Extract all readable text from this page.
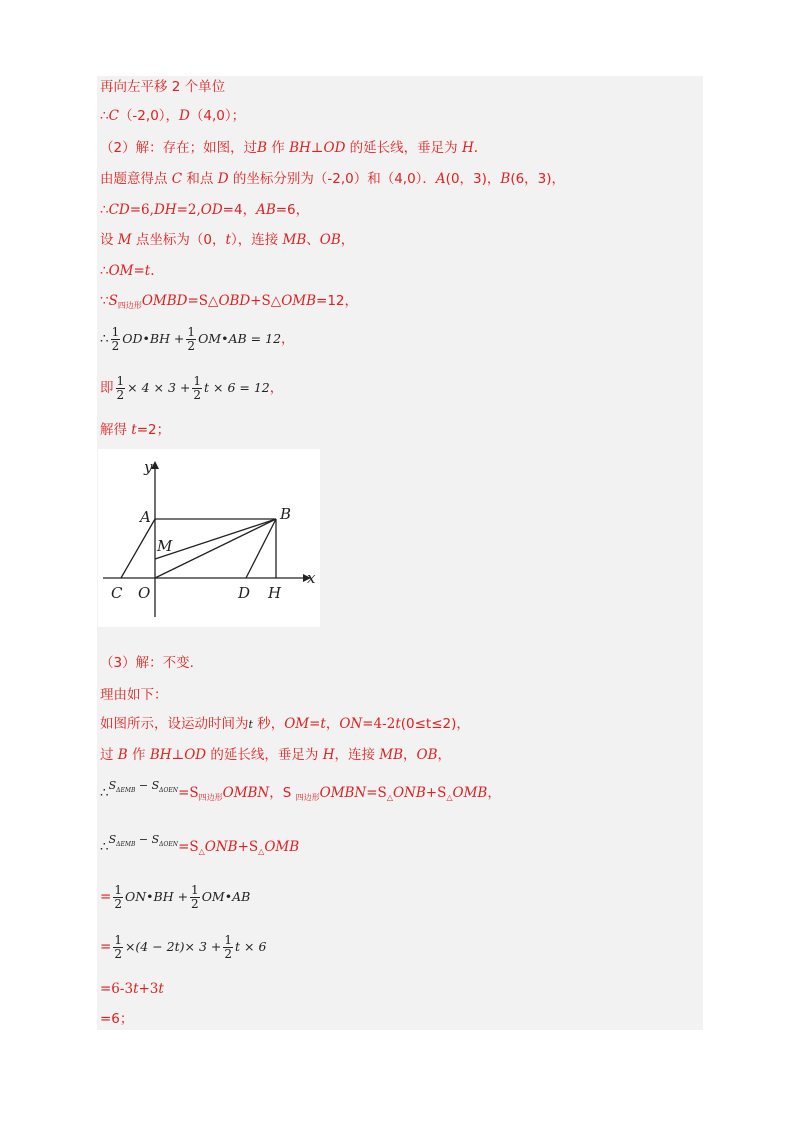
再向左平移 2 个单位
∴C（-2,0），D（4,0）；
（2）解：存在；如图，过B 作 BH⊥OD 的延长线，垂足为 H.
由题意得点 C 和点 D 的坐标分别为（-2,0）和（4,0）．A(0，3)，B(6，3)，
∴CD=6,DH=2,OD=4，AB=6，
设 M 点坐标为（0，t），连接 MB、OB，
∴OM=t.
$\because S_{四边形}OMBD=S\triangle OBD+S\triangle OMB=12$，
∴ $\frac{1}{2}$ OD•BH + $\frac{1}{2}$ OM•AB = 12，
即 $\frac{1}{2} \times 4 \times 3 + \frac{1}{2}$ t × 6 = 12，
解得 t=2；
y
x
A	B
M
C O	D H
（3）解：不变.
理由如下：
如图所示，设运动时间为t 秒，OM=t，ON=4-2t(0≤t≤2)，
过 B 作 BH⊥OD 的延长线，垂足为 H，连接 MB，OB，
$\therefore^{S_{\Delta EMB} - S_{\Delta OEN}}=S_{四边形}OMBN$，S $_{四边形}OMBN=S_\triangle ONB+S_\triangle OMB$，
$\therefore^{S_{\Delta EMB} - S_{\Delta OEN}}=S_\triangle ONB+S_\triangle OMB$
= $\frac{1}{2}$ ON•BH + $\frac{1}{2}$ OM•AB
= $\frac{1}{2} \times(4 - 2t)\times 3 + \frac{1}{2}$ t × 6
=6-3t+3t
=6；
